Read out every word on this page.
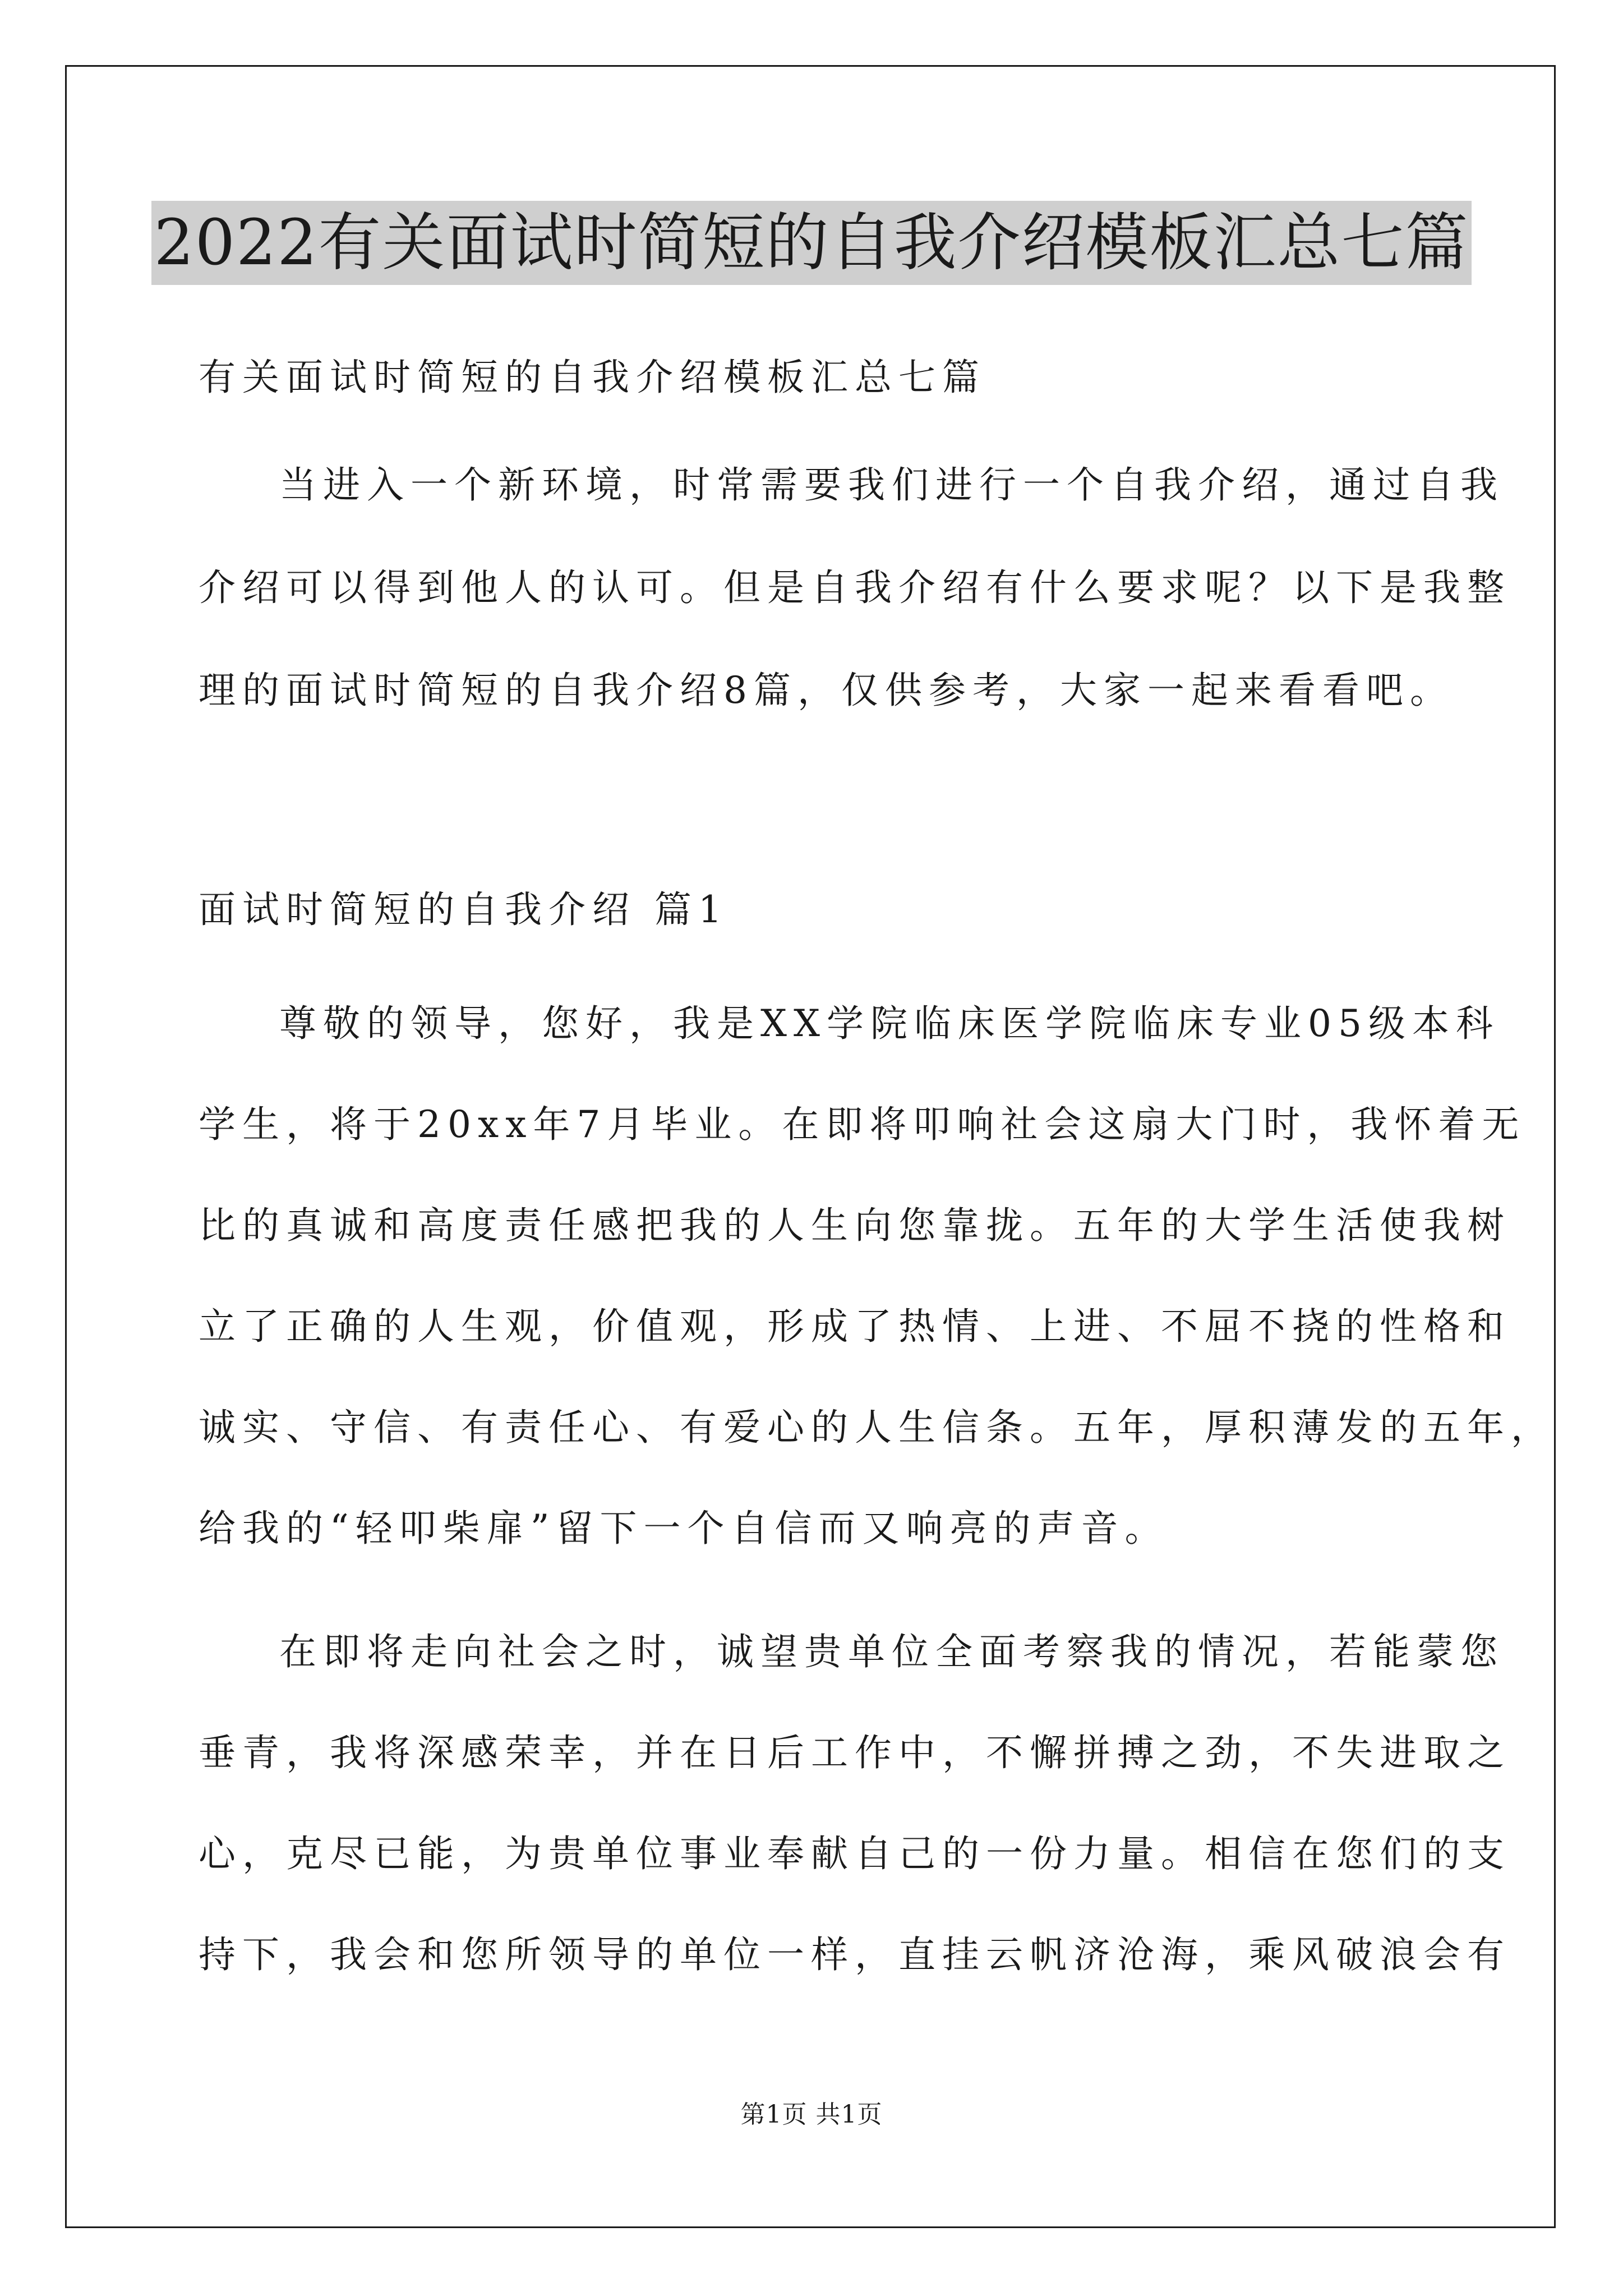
2022有关面试时简短的自我介绍模板汇总七篇
有关面试时简短的自我介绍模板汇总七篇
当进入一个新环境，时常需要我们进行一个自我介绍，通过自我
介绍可以得到他人的认可。但是自我介绍有什么要求呢？以下是我整
理的面试时简短的自我介绍8篇，仅供参考，大家一起来看看吧。
面试时简短的自我介绍 篇1
尊敬的领导，您好，我是XX学院临床医学院临床专业05级本科
学生，将于20xx年7月毕业。在即将叩响社会这扇大门时，我怀着无
比的真诚和高度责任感把我的人生向您靠拢。五年的大学生活使我树
立了正确的人生观，价值观，形成了热情、上进、不屈不挠的性格和
诚实、守信、有责任心、有爱心的人生信条。五年，厚积薄发的五年，
给我的“轻叩柴扉”留下一个自信而又响亮的声音。
在即将走向社会之时，诚望贵单位全面考察我的情况，若能蒙您
垂青，我将深感荣幸，并在日后工作中，不懈拼搏之劲，不失进取之
心，克尽已能，为贵单位事业奉献自己的一份力量。相信在您们的支
持下，我会和您所领导的单位一样，直挂云帆济沧海，乘风破浪会有
第1页 共1页
